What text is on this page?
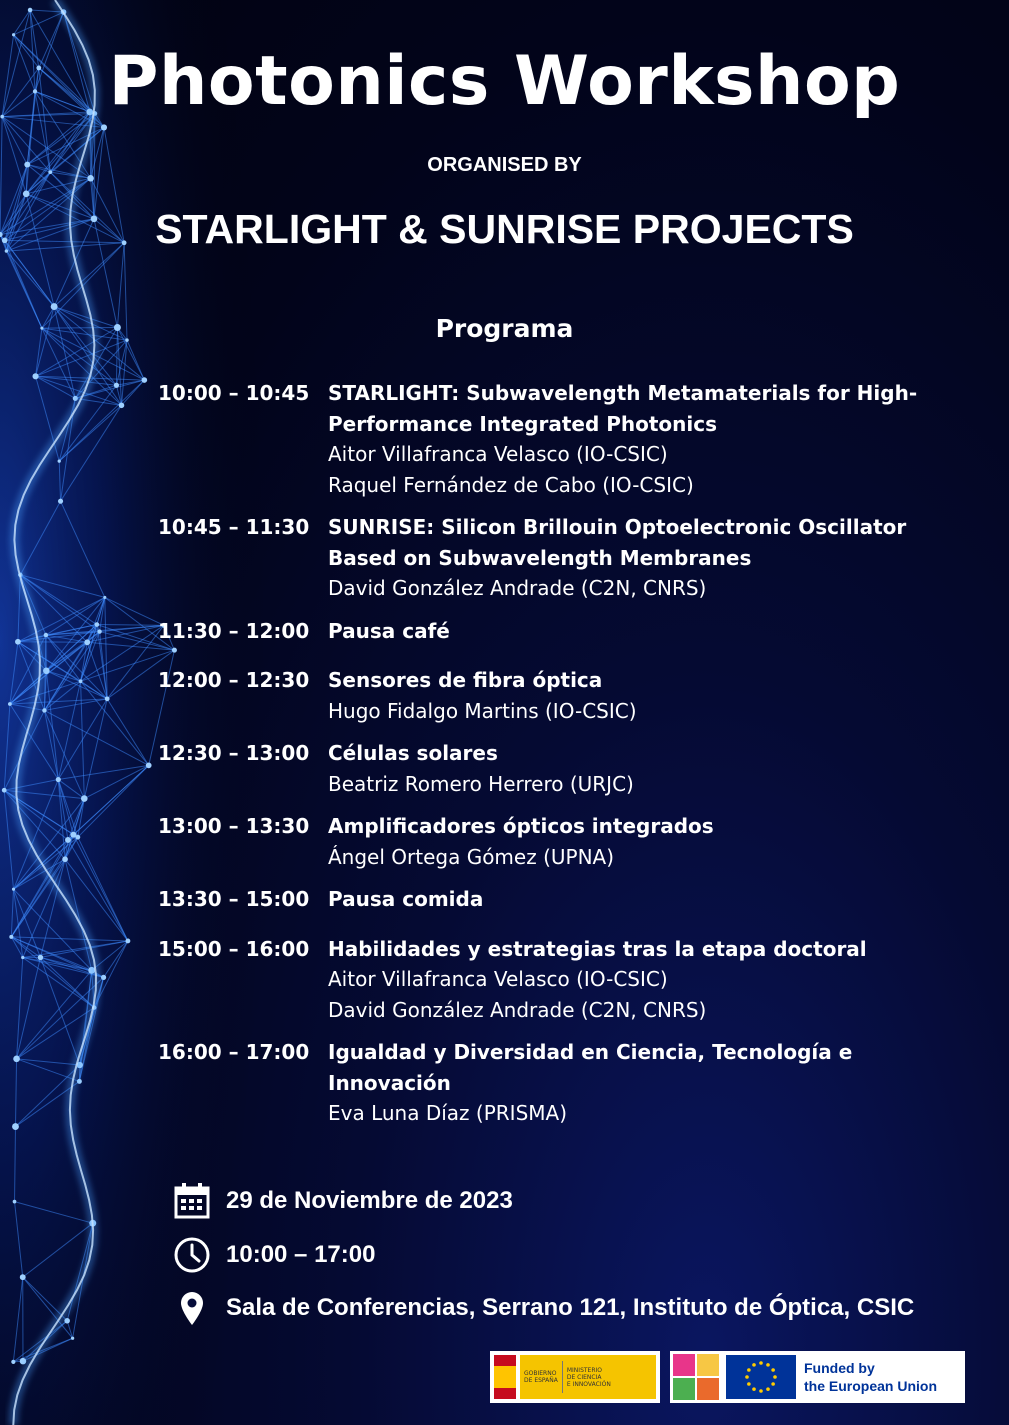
Photonics Workshop
ORGANISED BY
STARLIGHT & SUNRISE PROJECTS
Programa
10:00 – 10:45 STARLIGHT: Subwavelength Metamaterials for High-Performance Integrated Photonics
Aitor Villafranca Velasco (IO-CSIC)
Raquel Fernández de Cabo (IO-CSIC)
10:45 – 11:30 SUNRISE: Silicon Brillouin Optoelectronic Oscillator Based on Subwavelength Membranes
David González Andrade (C2N, CNRS)
11:30 – 12:00 Pausa café
12:00 – 12:30 Sensores de fibra óptica
Hugo Fidalgo Martins (IO-CSIC)
12:30 – 13:00 Células solares
Beatriz Romero Herrero (URJC)
13:00 – 13:30 Amplificadores ópticos integrados
Ángel Ortega Gómez (UPNA)
13:30 – 15:00 Pausa comida
15:00 – 16:00 Habilidades y estrategias tras la etapa doctoral
Aitor Villafranca Velasco (IO-CSIC)
David González Andrade (C2N, CNRS)
16:00 – 17:00 Igualdad y Diversidad en Ciencia, Tecnología e Innovación
Eva Luna Díaz (PRISMA)
29 de Noviembre de 2023
10:00 – 17:00
Sala de Conferencias, Serrano 121, Instituto de Óptica, CSIC
GOBIERNO
DE ESPAÑA
MINISTERIO
DE CIENCIA
E INNOVACIÓN
Funded by
the European Union
